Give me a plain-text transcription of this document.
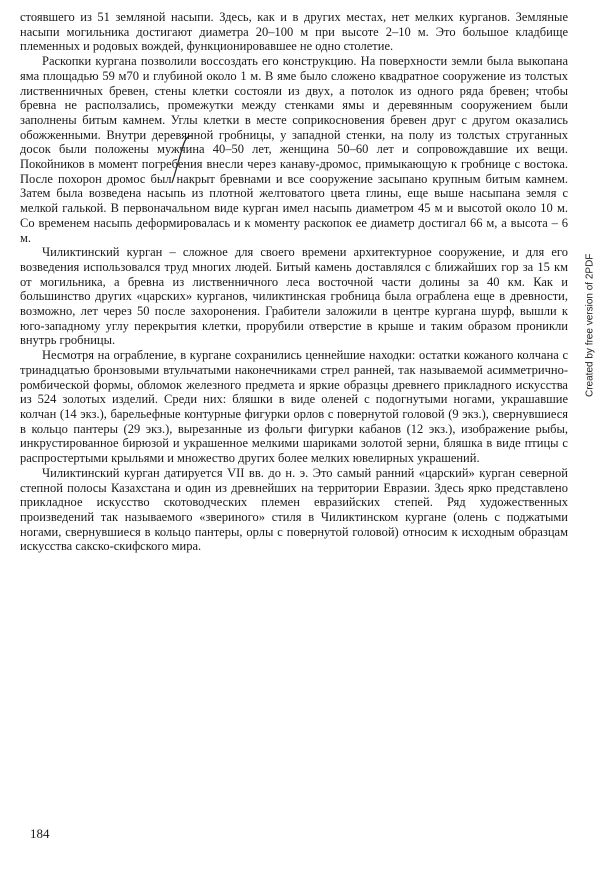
стоявшего из 51 земляной насыпи. Здесь, как и в других местах, нет мелких курганов. Земляные насыпи могильника достигают диаметра 20–100 м при высоте 2–10 м. Это большое кладбище племенных и родовых вождей, функционировавшее не одно столетие.

Раскопки кургана позволили воссоздать его конструкцию. На поверхности земли была выкопана яма площадью 59 м70 и глубиной около 1 м. В яме было сложено квадратное сооружение из толстых лиственничных бревен, стены клетки состояли из двух, а потолок из одного ряда бревен; чтобы бревна не расползались, промежутки между стенками ямы и деревянным сооружением были заполнены битым камнем. Углы клетки в месте соприкосновения бревен друг с другом оказались обожженными. Внутри деревянной гробницы, у западной стенки, на полу из толстых струганных досок были положены мужчина 40–50 лет, женщина 50–60 лет и сопровождавшие их вещи. Покойников в момент погребения внесли через канаву-дромос, примыкающую к гробнице с востока. После похорон дромос был накрыт бревнами и все сооружение засыпано крупным битым камнем. Затем была возведена насыпь из плотной желтоватого цвета глины, еще выше насыпана земля с мелкой галькой. В первоначальном виде курган имел насыпь диаметром 45 м и высотой около 10 м. Со временем насыпь деформировалась и к моменту раскопок ее диаметр достигал 66 м, а высота – 6 м.

Чиликтинский курган – сложное для своего времени архитектурное сооружение, и для его возведения использовался труд многих людей. Битый камень доставлялся с ближайших гор за 15 км от могильника, а бревна из лиственничного леса восточной части долины за 40 км. Как и большинство других «царских» курганов, чиликтинская гробница была ограблена еще в древности, возможно, лет через 50 после захоронения. Грабители заложили в центре кургана шурф, вышли к юго-западному углу перекрытия клетки, прорубили отверстие в крыше и таким образом проникли внутрь гробницы.

Несмотря на ограбление, в кургане сохранились ценнейшие находки: остатки кожаного колчана с тринадцатью бронзовыми втульчатыми наконечниками стрел ранней, так называемой асимметрично-ромбической формы, обломок железного предмета и яркие образцы древнего прикладного искусства из 524 золотых изделий. Среди них: бляшки в виде оленей с подогнутыми ногами, украшавшие колчан (14 экз.), барельефные контурные фигурки орлов с повернутой головой (9 экз.), свернувшиеся в кольцо пантеры (29 экз.), вырезанные из фольги фигурки кабанов (12 экз.), изображение рыбы, инкрустированное бирюзой и украшенное мелкими шариками золотой зерни, бляшка в виде птицы с распростертыми крыльями и множество других более мелких ювелирных украшений.

Чиликтинский курган датируется VII вв. до н. э. Это самый ранний «царский» курган северной степной полосы Казахстана и один из древнейших на территории Евразии. Здесь ярко представлено прикладное искусство скотоводческих племен евразийских степей. Ряд художественных произведений так называемого «звериного» стиля в Чиликтинском кургане (олень с поджатыми ногами, свернувшиеся в кольцо пантеры, орлы с повернутой головой) относим к исходным образцам искусства сакско-скифского мира.

184
Created by free version of 2PDF
